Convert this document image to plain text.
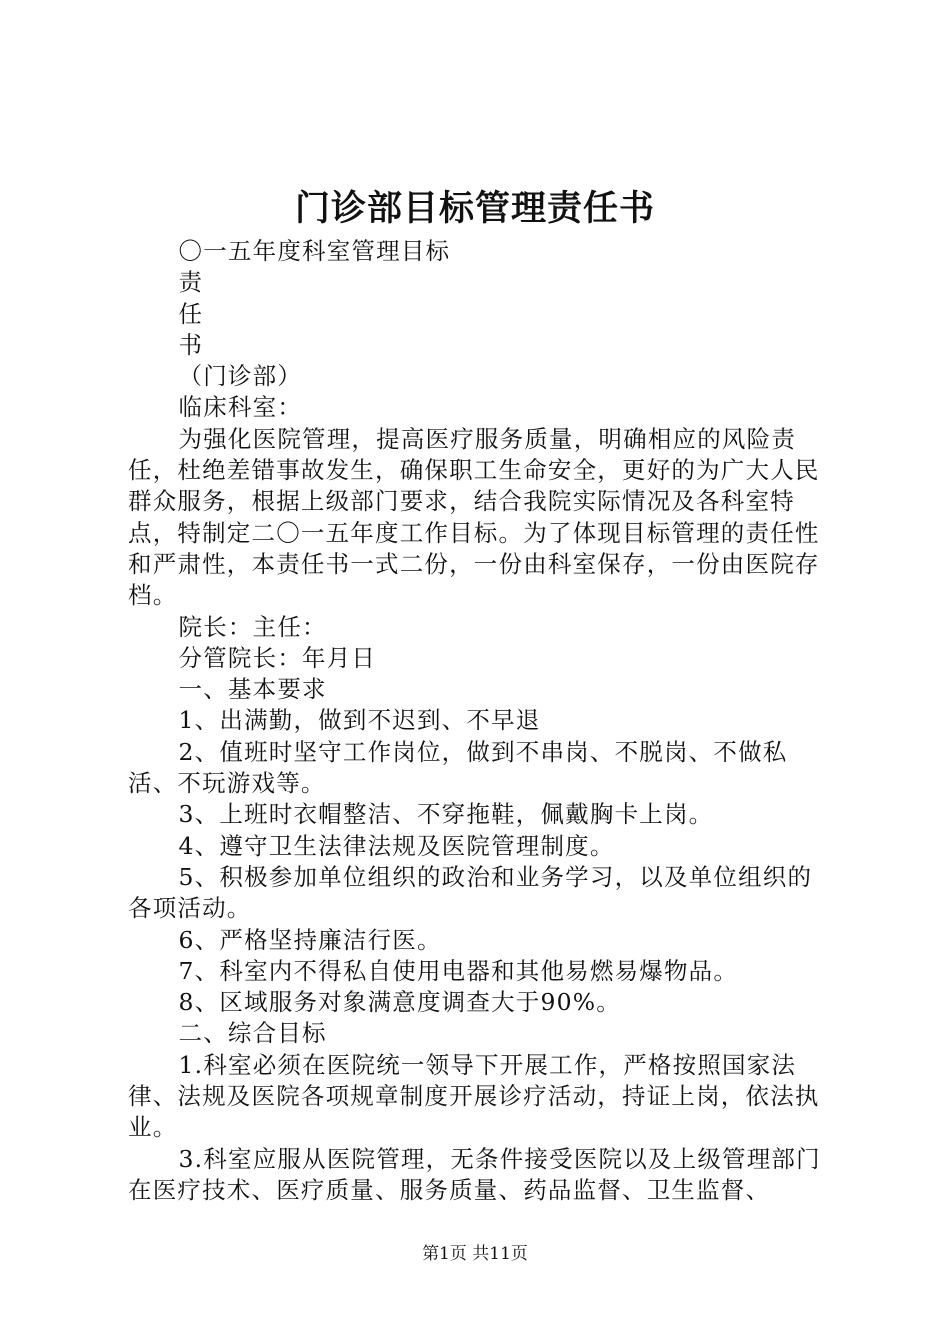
门诊部目标管理责任书

〇一五年度科室管理目标

责

任

书

（门诊部）

临床科室：

为强化医院管理，提高医疗服务质量，明确相应的风险责任，杜绝差错事故发生，确保职工生命安全，更好的为广大人民群众服务，根据上级部门要求，结合我院实际情况及各科室特点，特制定二〇一五年度工作目标。为了体现目标管理的责任性和严肃性，本责任书一式二份，一份由科室保存，一份由医院存档。

院长：主任：

分管院长：年月日

一、基本要求

1、出满勤，做到不迟到、不早退

2、值班时坚守工作岗位，做到不串岗、不脱岗、不做私活、不玩游戏等。

3、上班时衣帽整洁、不穿拖鞋，佩戴胸卡上岗。

4、遵守卫生法律法规及医院管理制度。

5、积极参加单位组织的政治和业务学习，以及单位组织的各项活动。

6、严格坚持廉洁行医。

7、科室内不得私自使用电器和其他易燃易爆物品。

8、区域服务对象满意度调查大于90%。

二、综合目标

1.科室必须在医院统一领导下开展工作，严格按照国家法律、法规及医院各项规章制度开展诊疗活动，持证上岗，依法执业。

3.科室应服从医院管理，无条件接受医院以及上级管理部门在医疗技术、医疗质量、服务质量、药品监督、卫生监督、

第1页 共11页
